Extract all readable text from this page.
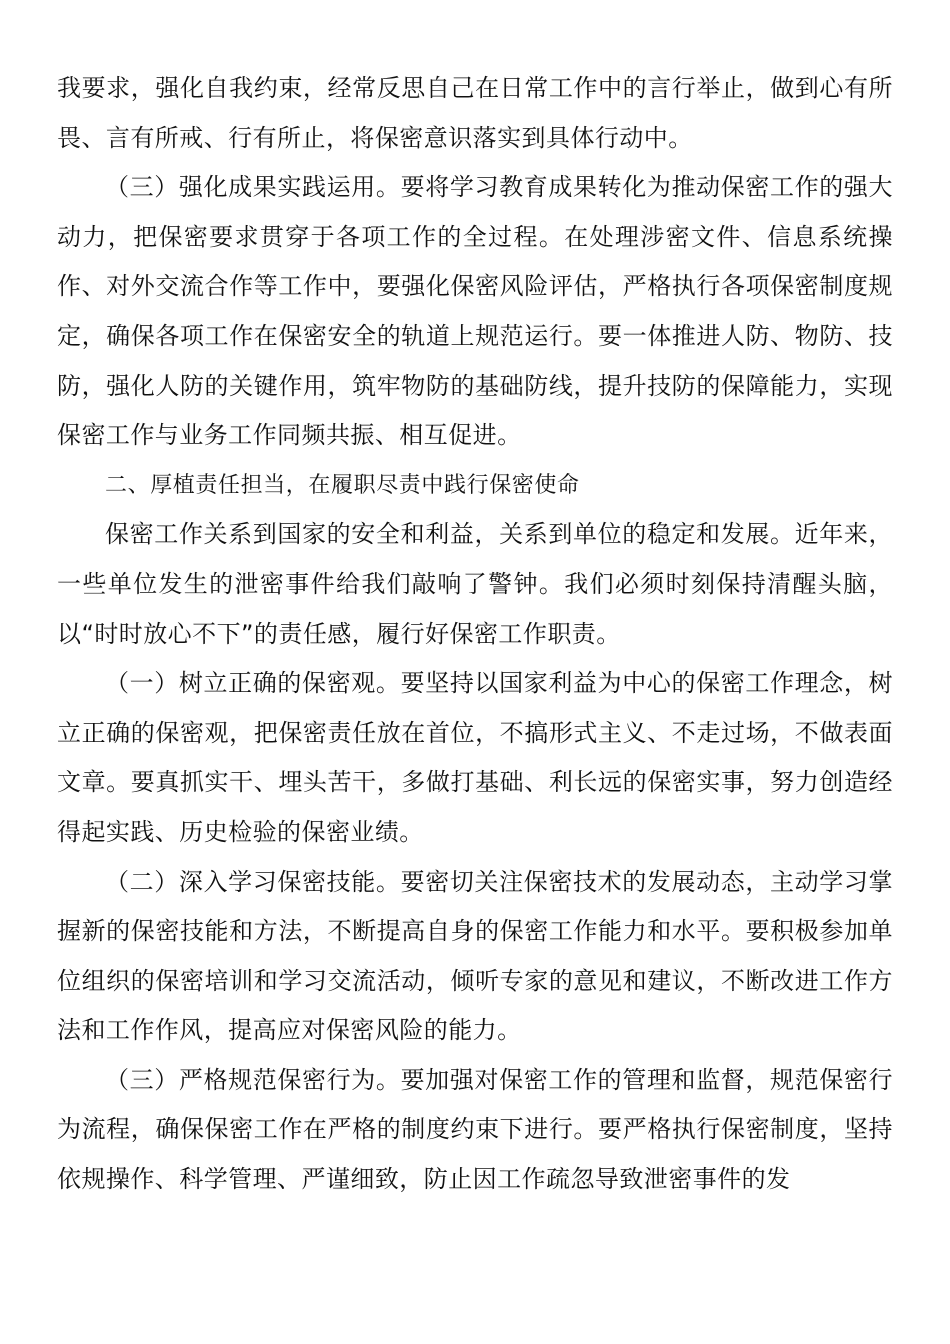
我要求，强化自我约束，经常反思自己在日常工作中的言行举止，做到心有所畏、言有所戒、行有所止，将保密意识落实到具体行动中。

（三）强化成果实践运用。要将学习教育成果转化为推动保密工作的强大动力，把保密要求贯穿于各项工作的全过程。在处理涉密文件、信息系统操作、对外交流合作等工作中，要强化保密风险评估，严格执行各项保密制度规定，确保各项工作在保密安全的轨道上规范运行。要一体推进人防、物防、技防，强化人防的关键作用，筑牢物防的基础防线，提升技防的保障能力，实现保密工作与业务工作同频共振、相互促进。

二、厚植责任担当，在履职尽责中践行保密使命

保密工作关系到国家的安全和利益，关系到单位的稳定和发展。近年来，一些单位发生的泄密事件给我们敲响了警钟。我们必须时刻保持清醒头脑，以“时时放心不下”的责任感，履行好保密工作职责。

（一）树立正确的保密观。要坚持以国家利益为中心的保密工作理念，树立正确的保密观，把保密责任放在首位，不搞形式主义、不走过场，不做表面文章。要真抓实干、埋头苦干，多做打基础、利长远的保密实事，努力创造经得起实践、历史检验的保密业绩。

（二）深入学习保密技能。要密切关注保密技术的发展动态，主动学习掌握新的保密技能和方法，不断提高自身的保密工作能力和水平。要积极参加单位组织的保密培训和学习交流活动，倾听专家的意见和建议，不断改进工作方法和工作作风，提高应对保密风险的能力。

（三）严格规范保密行为。要加强对保密工作的管理和监督，规范保密行为流程，确保保密工作在严格的制度约束下进行。要严格执行保密制度，坚持依规操作、科学管理、严谨细致，防止因工作疏忽导致泄密事件的发
